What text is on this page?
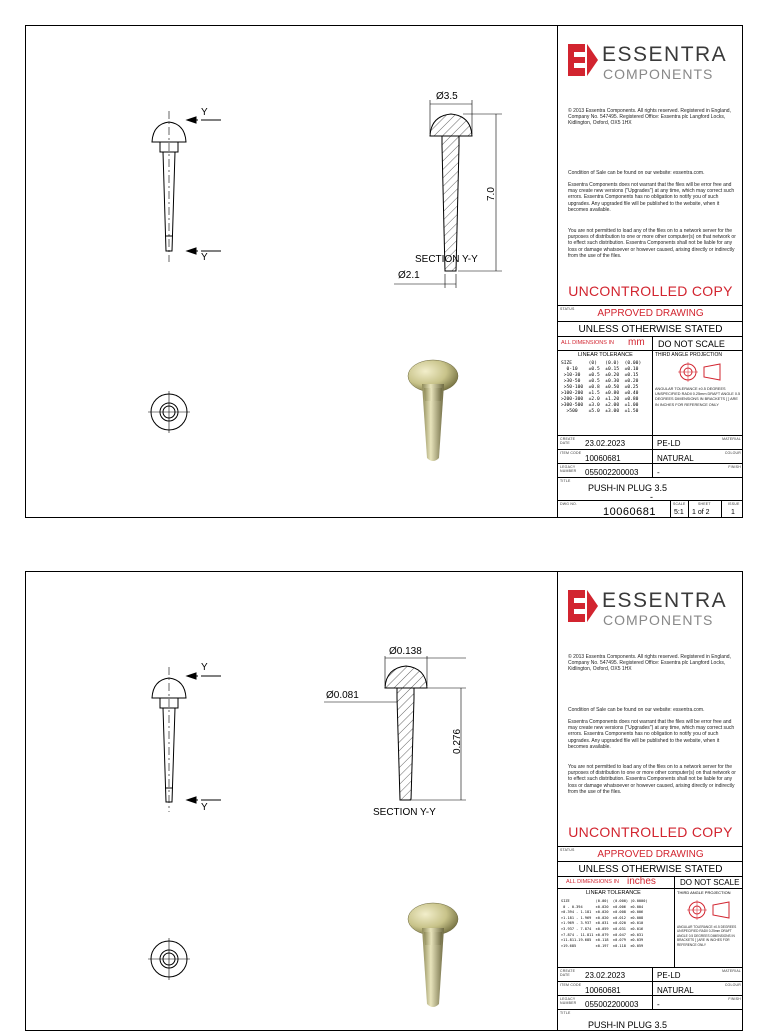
Y
Y
Ø3.5
7.0
Ø2.1
SECTION Y-Y
ESSENTRA
COMPONENTS
© 2013 Essentra Components. All rights reserved. Registered in England, Company No. 547495. Registered Office: Essentra plc Langford Locks, Kidlington, Oxford, OX5 1HX
Condition of Sale can be found on our website: essentra.com.
Essentra Components does not warrant that the files will be error free and may create new versions ("Upgrades") at any time, which may correct such errors. Essentra Components has no obligation to notify you of such upgrades. Any upgraded file will be published to the website, when it becomes available.
You are not permitted to load any of the files on to a network server for the purposes of distribution to one or more other computer(s) on that network or to effect such distribution. Essentra Components shall not be liable for any loss or damage whatsoever or however caused, arising directly or indirectly from the use of the files.
UNCONTROLLED COPY
STATUS	APPROVED DRAWING
UNLESS OTHERWISE STATED
ALL DIMENSIONS IN mm DO NOT SCALE
LINEAR TOLERANCE
SIZE      (0)   (0.0)  (0.00)
0-10    ±0.5  ±0.15  ±0.10
>10-30   ±0.5  ±0.20  ±0.15
>30-50   ±0.5  ±0.30  ±0.20
>50-100  ±0.8  ±0.50  ±0.25
>100-200  ±1.5  ±0.80  ±0.40
>200-300  ±2.0  ±1.20  ±0.80
>300-500  ±3.0  ±2.00  ±1.00
>500    ±5.0  ±3.00  ±1.50
THIRD ANGLE PROJECTION
ANGULAR TOLERANCE ±0.5 DEGREES UNSPECIFIED RADII 0.25mm DRAFT ANGLE 0.5 DEGREES DIMENSIONS IN BRACKETS [ ] ARE IN INCHES FOR REFERENCE ONLY
CREATE DATE	23.02.2023	MATERIAL
PE-LD
ITEM CODE
10060681
COLOUR
NATURAL
LEGACY NUMBER 055002200003
FINISH
-
TITLE
PUSH-IN PLUG 3.5
-
DWG NO.
10060681
SCALE
5:1
SHEET
1 of 2
ISSUE
1
Y
Y
Ø0.138
0.276
Ø0.081
SECTION Y-Y
ESSENTRA
COMPONENTS
© 2013 Essentra Components. All rights reserved. Registered in England, Company No. 547495. Registered Office: Essentra plc Langford Locks, Kidlington, Oxford, OX5 1HX
Condition of Sale can be found on our website: essentra.com.
Essentra Components does not warrant that the files will be error free and may create new versions ("Upgrades") at any time, which may correct such errors. Essentra Components has no obligation to notify you of such upgrades. Any upgraded file will be published to the website, when it becomes available.
You are not permitted to load any of the files on to a network server for the purposes of distribution to one or more other computer(s) on that network or to effect such distribution. Essentra Components shall not be liable for any loss or damage whatsoever or however caused, arising directly or indirectly from the use of the files.
UNCONTROLLED COPY
STATUS	APPROVED DRAWING
UNLESS OTHERWISE STATED
ALL DIMENSIONS IN inches	DO NOT SCALE
LINEAR TOLERANCE
SIZE            (0.00)  (0.000) (0.0000)
0 - 0.394      ±0.020  ±0.006  ±0.004
>0.394 - 1.181  ±0.020  ±0.008  ±0.006
>1.181 - 1.969  ±0.020  ±0.012  ±0.008
>1.969 - 3.937  ±0.031  ±0.020  ±0.010
>3.937 - 7.874  ±0.059  ±0.031  ±0.016
>7.874 - 11.811 ±0.079  ±0.047  ±0.031
>11.811-19.685  ±0.118  ±0.079  ±0.039
>19.685         ±0.197  ±0.118  ±0.059
THIRD ANGLE PROJECTION
ANGULAR TOLERANCE ±0.5 DEGREES UNSPECIFIED RADII 0.25mm DRAFT ANGLE 0.5 DEGREES DIMENSIONS IN BRACKETS [ ] ARE IN INCHES FOR REFERENCE ONLY
CREATE DATE	23.02.2023	MATERIAL
PE-LD
ITEM CODE
10060681
COLOUR
NATURAL
LEGACY NUMBER 055002200003
FINISH
-
TITLE
PUSH-IN PLUG 3.5
